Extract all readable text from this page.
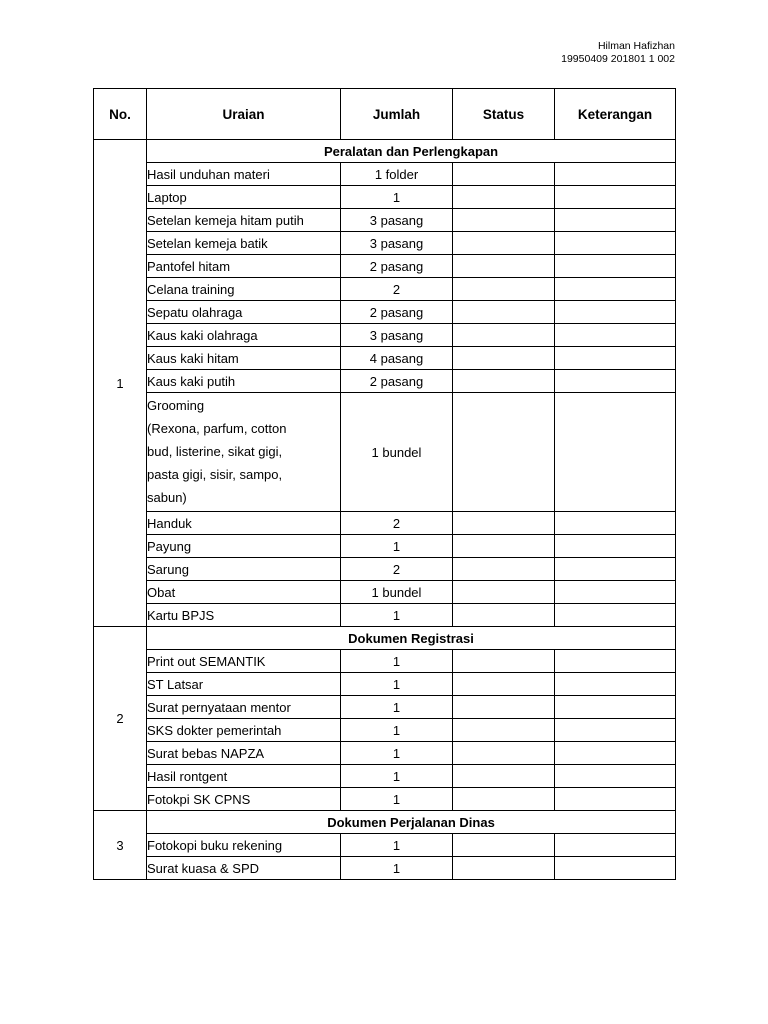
Hilman Hafizhan
19950409 201801 1 002
No.	Uraian	Jumlah	Status	Keterangan
1	Peralatan dan Perlengkapan			
	Hasil unduhan materi	1 folder		
	Laptop	1		
	Setelan kemeja hitam putih	3 pasang		
	Setelan kemeja batik	3 pasang		
	Pantofel hitam	2 pasang		
	Celana training	2		
	Sepatu olahraga	2 pasang		
	Kaus kaki olahraga	3 pasang		
	Kaus kaki hitam	4 pasang		
	Kaus kaki putih	2 pasang		

	Grooming
(Rexona, parfum, cotton
bud, listerine, sikat gigi,
pasta gigi, sisir, sampo,
sabun)	1 bundel		
	Handuk	2		
	Payung	1		
	Sarung	2		
	Obat	1 bundel		
	Kartu BPJS	1		
2	Dokumen Registrasi			
	Print out SEMANTIK	1		
	ST Latsar	1		
	Surat pernyataan mentor	1		
	SKS dokter pemerintah	1		
	Surat bebas NAPZA	1		
	Hasil rontgent	1		
	Fotokpi SK CPNS	1		
3	Dokumen Perjalanan Dinas			
	Fotokopi buku rekening	1		
	Surat kuasa & SPD	1		
